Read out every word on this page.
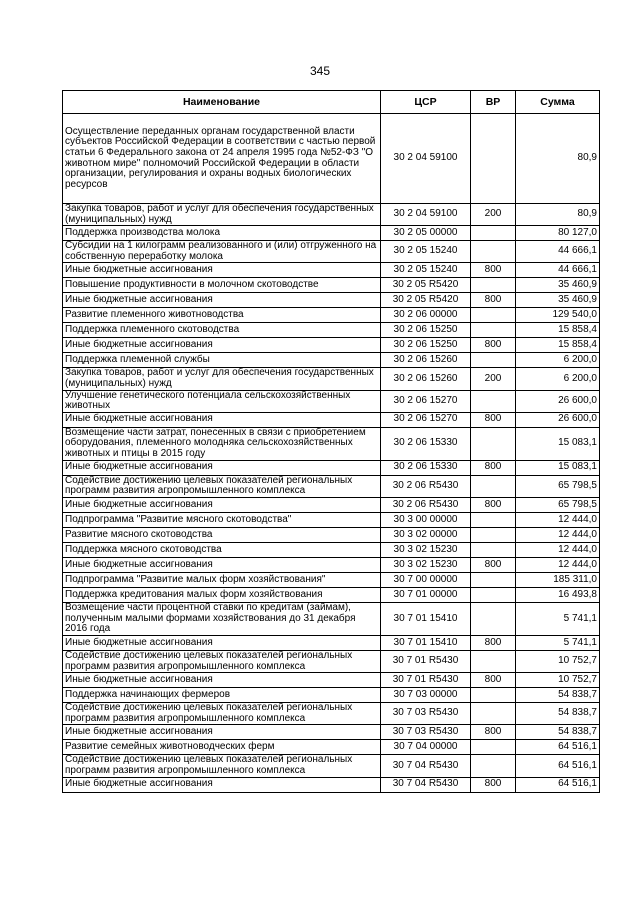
345
Наименование	ЦСР	ВР	Сумма
Осуществление переданных органам государственной власти субъектов Российской Федерации в соответствии с частью первой статьи 6 Федерального закона от 24 апреля 1995 года №52-ФЗ "О животном мире" полномочий Российской Федерации в области организации, регулирования и охраны водных биологических ресурсов	30 2 04 59100		80,9
Закупка товаров, работ и услуг для обеспечения государственных (муниципальных) нужд	30 2 04 59100	200	80,9
Поддержка производства молока	30 2 05 00000		80 127,0
Субсидии на 1 килограмм реализованного и (или) отгруженного на собственную переработку молока	30 2 05 15240		44 666,1
Иные бюджетные ассигнования	30 2 05 15240	800	44 666,1
Повышение продуктивности в молочном скотоводстве	30 2 05 R5420		35 460,9
Иные бюджетные ассигнования	30 2 05 R5420	800	35 460,9
Развитие племенного животноводства	30 2 06 00000		129 540,0
Поддержка племенного скотоводства	30 2 06 15250		15 858,4
Иные бюджетные ассигнования	30 2 06 15250	800	15 858,4
Поддержка племенной службы	30 2 06 15260		6 200,0
Закупка товаров, работ и услуг для обеспечения государственных (муниципальных) нужд	30 2 06 15260	200	6 200,0
Улучшение генетического потенциала сельскохозяйственных животных	30 2 06 15270		26 600,0
Иные бюджетные ассигнования	30 2 06 15270	800	26 600,0
Возмещение части затрат, понесенных в связи с приобретением оборудования, племенного молодняка сельскохозяйственных животных и птицы в 2015 году	30 2 06 15330		15 083,1
Иные бюджетные ассигнования	30 2 06 15330	800	15 083,1
Содействие достижению целевых показателей региональных программ развития агропромышленного комплекса	30 2 06 R5430		65 798,5
Иные бюджетные ассигнования	30 2 06 R5430	800	65 798,5
Подпрограмма "Развитие мясного скотоводства"	30 3 00 00000		12 444,0
Развитие мясного скотоводства	30 3 02 00000		12 444,0
Поддержка мясного скотоводства	30 3 02 15230		12 444,0
Иные бюджетные ассигнования	30 3 02 15230	800	12 444,0
Подпрограмма "Развитие малых форм хозяйствования"	30 7 00 00000		185 311,0
Поддержка кредитования малых форм хозяйствования	30 7 01 00000		16 493,8
Возмещение части процентной ставки по кредитам (займам), полученным малыми формами хозяйствования до 31 декабря 2016 года	30 7 01 15410		5 741,1
Иные бюджетные ассигнования	30 7 01 15410	800	5 741,1
Содействие достижению целевых показателей региональных программ развития агропромышленного комплекса	30 7 01 R5430		10 752,7
Иные бюджетные ассигнования	30 7 01 R5430	800	10 752,7
Поддержка начинающих фермеров	30 7 03 00000		54 838,7
Содействие достижению целевых показателей региональных программ развития агропромышленного комплекса	30 7 03 R5430		54 838,7
Иные бюджетные ассигнования	30 7 03 R5430	800	54 838,7
Развитие семейных животноводческих ферм	30 7 04 00000		64 516,1
Содействие достижению целевых показателей региональных программ развития агропромышленного комплекса	30 7 04 R5430		64 516,1
Иные бюджетные ассигнования	30 7 04 R5430	800	64 516,1
